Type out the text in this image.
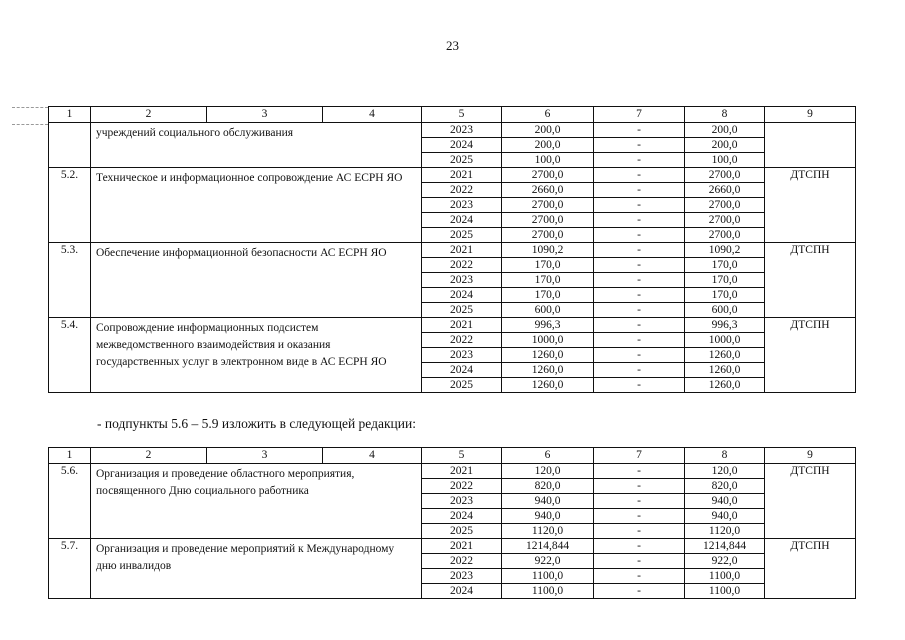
23
1	2	3	4	5	6	7	8	9
	учреждений социального обслуживания			2023	200,0	-	200,0	
				2024	200,0	-	200,0	
				2025	100,0	-	100,0	
5.2.	Техническое и информационное сопровождение АС ЕСРН ЯО			2021	2700,0	-	2700,0	ДТСПН
				2022	2660,0	-	2660,0	
				2023	2700,0	-	2700,0	
				2024	2700,0	-	2700,0	
				2025	2700,0	-	2700,0	
5.3.	Обеспечение информационной безопасности АС ЕСРН ЯО			2021	1090,2	-	1090,2	ДТСПН
				2022	170,0	-	170,0	
				2023	170,0	-	170,0	
				2024	170,0	-	170,0	
				2025	600,0	-	600,0	
5.4.	Сопровождение информационных подсистем межведомственного взаимодействия и оказания государственных услуг в электронном виде в АС ЕСРН ЯО			2021	996,3	-	996,3	ДТСПН
				2022	1000,0	-	1000,0	
				2023	1260,0	-	1260,0	
				2024	1260,0	-	1260,0	
				2025	1260,0	-	1260,0	
- подпункты 5.6 – 5.9 изложить в следующей редакции:
1	2	3	4	5	6	7	8	9
5.6.	Организация и проведение областного мероприятия, посвященного Дню социального работника			2021	120,0	-	120,0	ДТСПН
				2022	820,0	-	820,0	
				2023	940,0	-	940,0	
				2024	940,0	-	940,0	
				2025	1120,0	-	1120,0	
5.7.	Организация и проведение мероприятий к Международному дню инвалидов			2021	1214,844	-	1214,844	ДТСПН
				2022	922,0	-	922,0	
				2023	1100,0	-	1100,0	
				2024	1100,0	-	1100,0	
